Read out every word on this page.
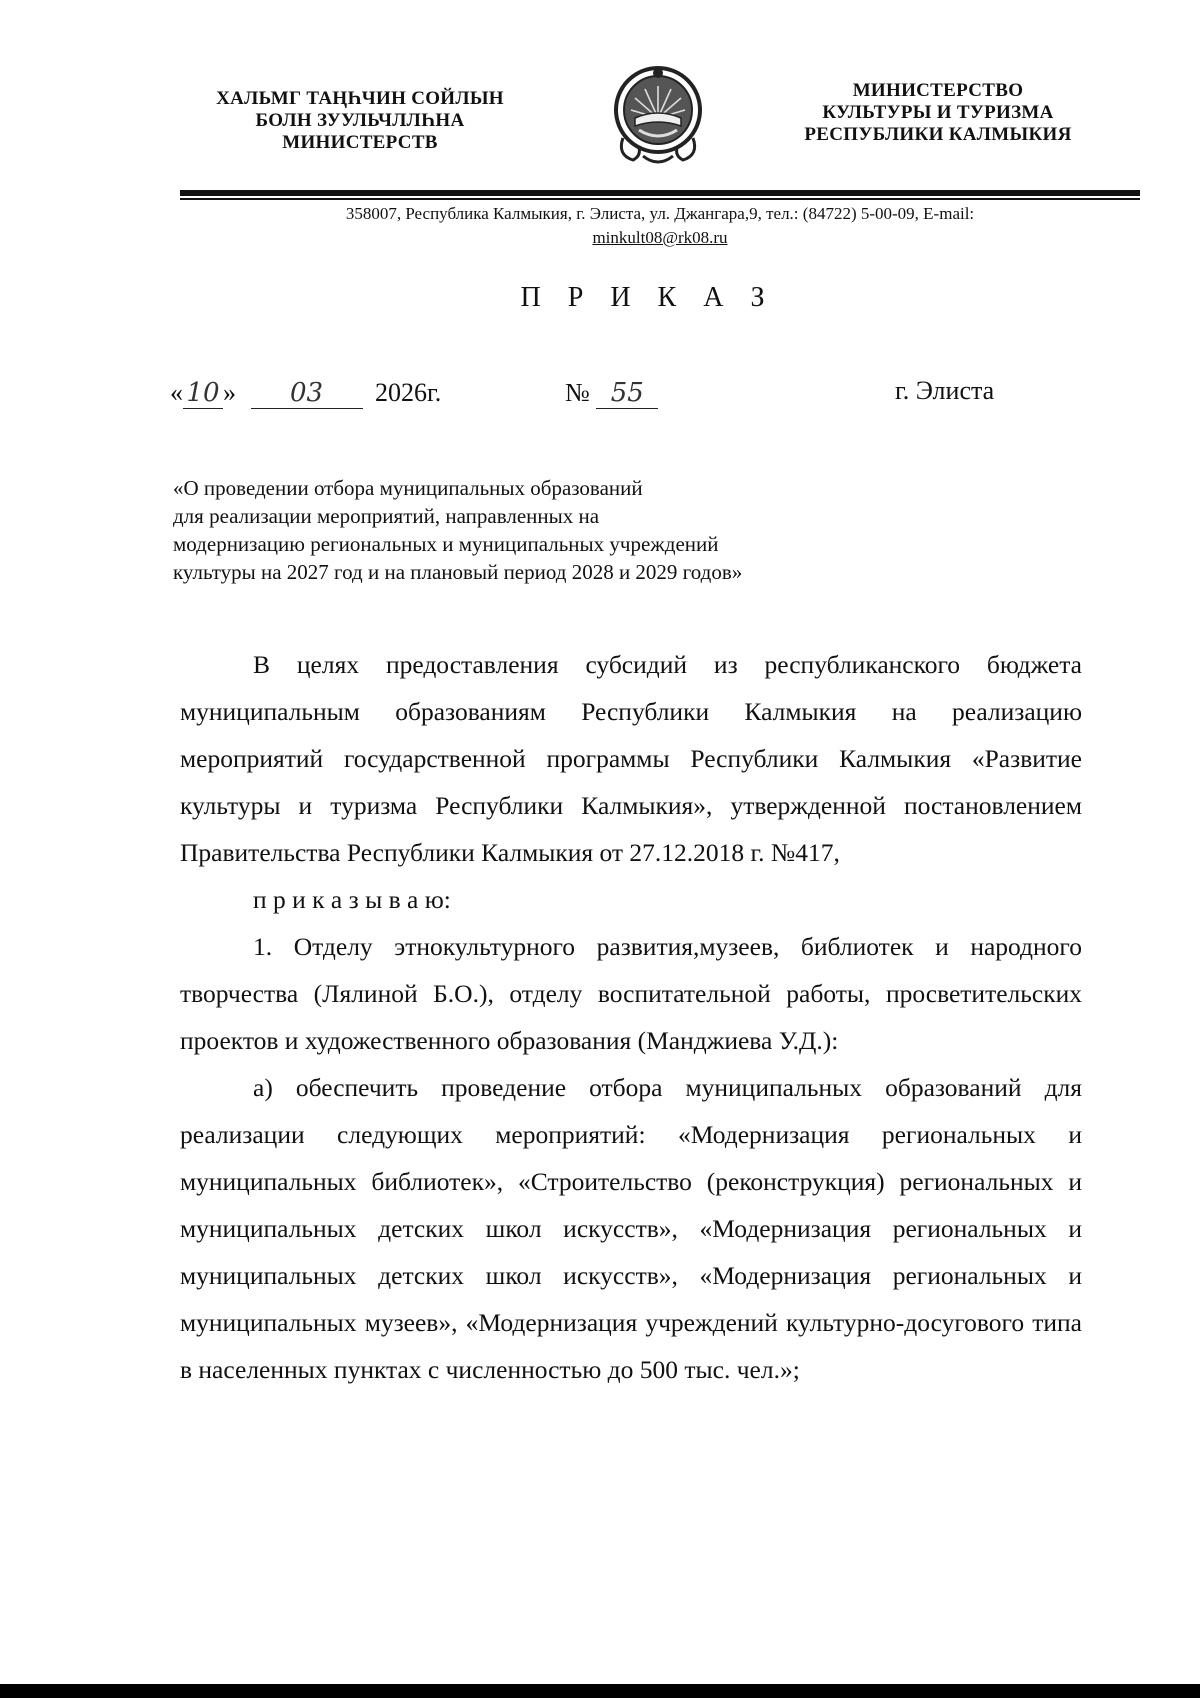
ХАЛЬМГ ТАҢҺЧИН СОЙЛЫН
БОЛН ЗУУЛЬЧЛЛҺНА
МИНИСТЕРСТВ
МИНИСТЕРСТВО
КУЛЬТУРЫ И ТУРИЗМА
РЕСПУБЛИКИ КАЛМЫКИЯ
358007, Республика Калмыкия, г. Элиста, ул. Джангара,9, тел.: (84722) 5-00-09, E-mail:
minkult08@rk08.ru
П Р И К А З
« 10 » 03 2026г.	№ 55	г. Элиста
«О проведении отбора муниципальных образований
для реализации мероприятий, направленных на
модернизацию региональных и муниципальных учреждений
культуры на 2027 год и на плановый период 2028 и 2029 годов»

В целях предоставления субсидий из республиканского бюджета муниципальным образованиям Республики Калмыкия на реализацию мероприятий государственной программы Республики Калмыкия «Развитие культуры и туризма Республики Калмыкия», утвержденной постановлением Правительства Республики Калмыкия от 27.12.2018 г. №417,

п р и к а з ы в а ю:

1. Отделу этнокультурного развития,музеев, библиотек и народного творчества (Лялиной Б.О.), отделу воспитательной работы, просветительских проектов и художественного образования (Манджиева У.Д.):

а) обеспечить проведение отбора муниципальных образований для реализации следующих мероприятий: «Модернизация региональных и муниципальных библиотек», «Строительство (реконструкция) региональных и муниципальных детских школ искусств», «Модернизация региональных и муниципальных детских школ искусств», «Модернизация региональных и муниципальных музеев», «Модернизация учреждений культурно-досугового типа в населенных пунктах с численностью до 500 тыс. чел.»;
